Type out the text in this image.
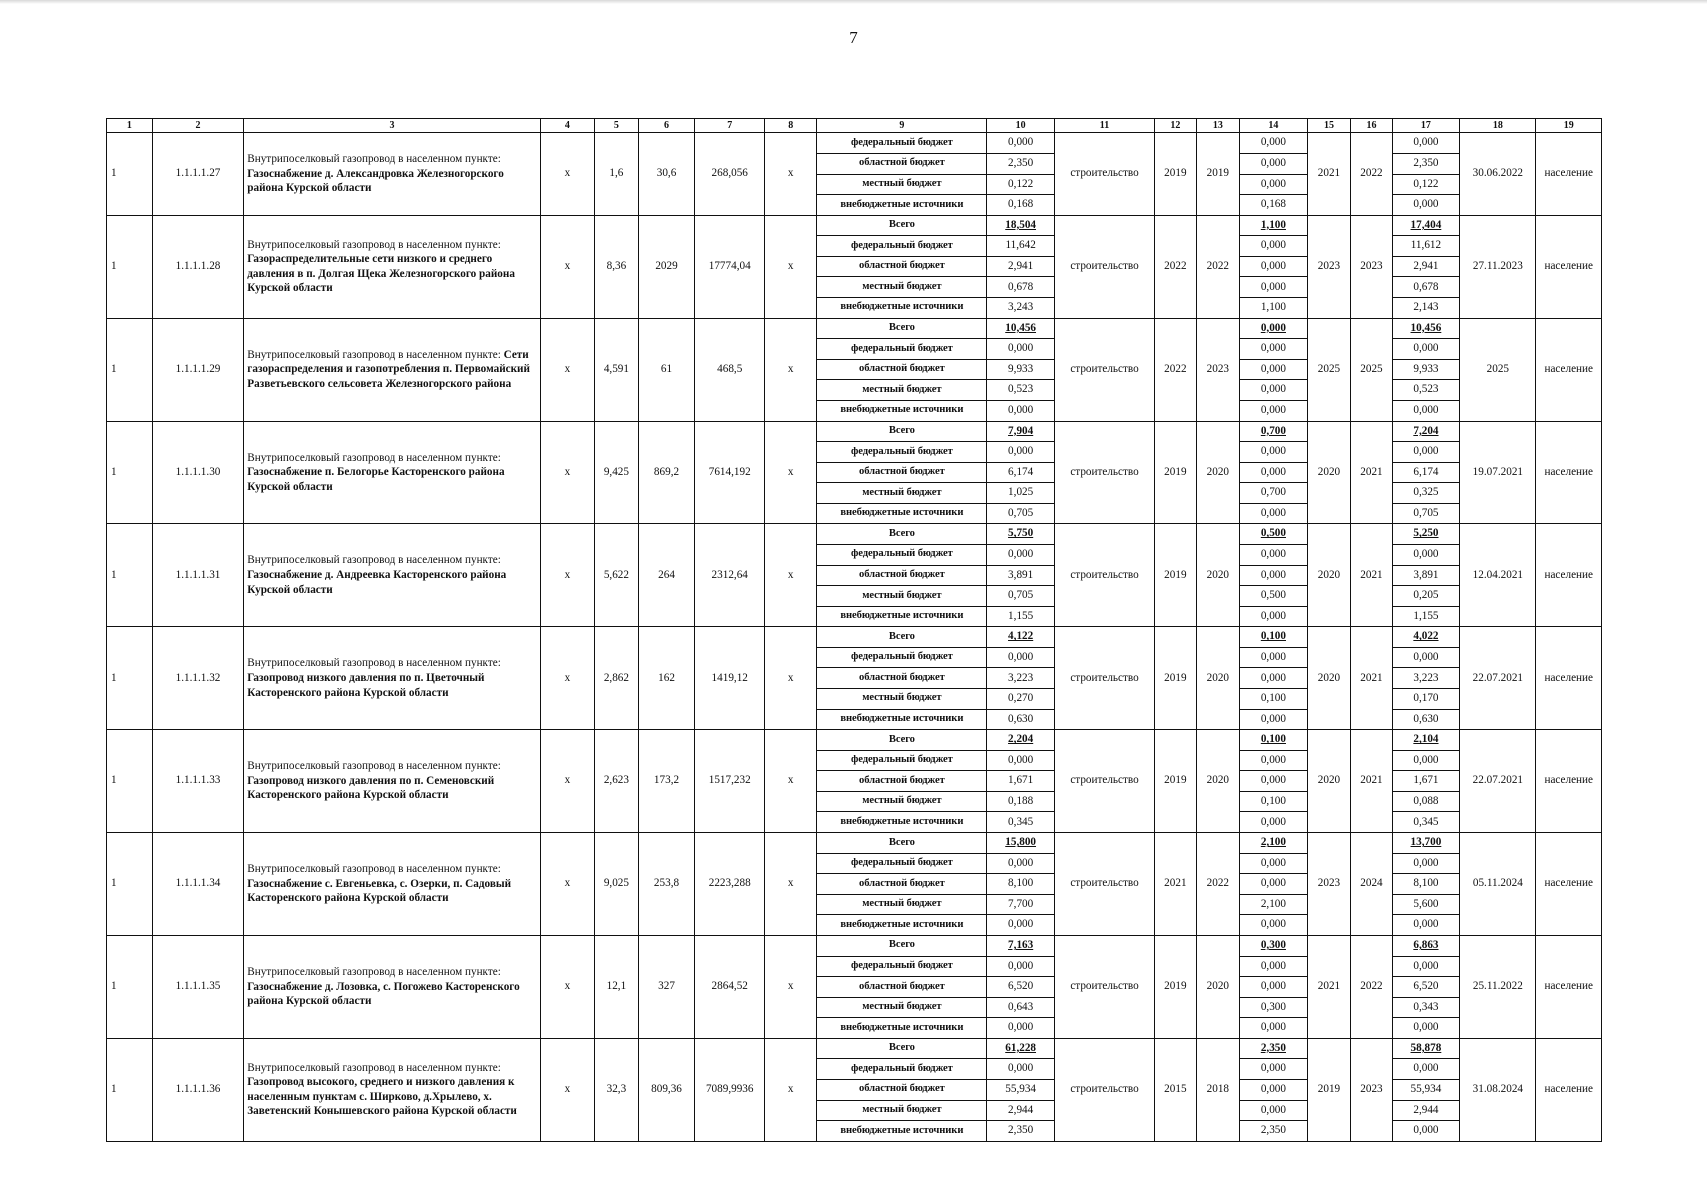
7
1	2	3	4	5	6	7	8	9	10	11	12	13	14	15	16	17	18	19
1	1.1.1.1.27	Внутрипоселковый газопровод в населенном пункте: Газоснабжение д. Александровка Железногорского района Курской области	х	1,6	30,6	268,056	х	федеральный бюджет	0,000	строительство	2019	2019	0,000	2021	2022	0,000	30.06.2022	население
								областной бюджет	2,350				0,000			2,350		
								местный бюджет	0,122				0,000			0,122		
								внебюджетные источники	0,168				0,168			0,000		
1	1.1.1.1.28	Внутрипоселковый газопровод в населенном пункте: Газораспределительные сети низкого и среднего давления в п. Долгая Щека Железногорского района Курской области	х	8,36	2029	17774,04	х	Всего	18,504	строительство	2022	2022	1,100	2023	2023	17,404	27.11.2023	население
								федеральный бюджет	11,642				0,000			11,612		
								областной бюджет	2,941				0,000			2,941		
								местный бюджет	0,678				0,000			0,678		
								внебюджетные источники	3,243				1,100			2,143		
1	1.1.1.1.29	Внутрипоселковый газопровод в населенном пункте: Сети газораспределения и газопотребления п. Первомайский Разветьевского сельсовета Железногорского района	х	4,591	61	468,5	х	Всего	10,456	строительство	2022	2023	0,000	2025	2025	10,456	2025	население
								федеральный бюджет	0,000				0,000			0,000		
								областной бюджет	9,933				0,000			9,933		
								местный бюджет	0,523				0,000			0,523		
								внебюджетные источники	0,000				0,000			0,000		
1	1.1.1.1.30	Внутрипоселковый газопровод в населенном пункте: Газоснабжение п. Белогорье Касторенского района Курской области	х	9,425	869,2	7614,192	х	Всего	7,904	строительство	2019	2020	0,700	2020	2021	7,204	19.07.2021	население
								федеральный бюджет	0,000				0,000			0,000		
								областной бюджет	6,174				0,000			6,174		
								местный бюджет	1,025				0,700			0,325		
								внебюджетные источники	0,705				0,000			0,705		
1	1.1.1.1.31	Внутрипоселковый газопровод в населенном пункте: Газоснабжение д. Андреевка Касторенского района Курской области	х	5,622	264	2312,64	х	Всего	5,750	строительство	2019	2020	0,500	2020	2021	5,250	12.04.2021	население
								федеральный бюджет	0,000				0,000			0,000		
								областной бюджет	3,891				0,000			3,891		
								местный бюджет	0,705				0,500			0,205		
								внебюджетные источники	1,155				0,000			1,155		
1	1.1.1.1.32	Внутрипоселковый газопровод в населенном пункте: Газопровод низкого давления по п. Цветочный Касторенского района Курской области	х	2,862	162	1419,12	х	Всего	4,122	строительство	2019	2020	0,100	2020	2021	4,022	22.07.2021	население
								федеральный бюджет	0,000				0,000			0,000		
								областной бюджет	3,223				0,000			3,223		
								местный бюджет	0,270				0,100			0,170		
								внебюджетные источники	0,630				0,000			0,630		
1	1.1.1.1.33	Внутрипоселковый газопровод в населенном пункте: Газопровод низкого давления по п. Семеновский Касторенского района Курской области	х	2,623	173,2	1517,232	х	Всего	2,204	строительство	2019	2020	0,100	2020	2021	2,104	22.07.2021	население
								федеральный бюджет	0,000				0,000			0,000		
								областной бюджет	1,671				0,000			1,671		
								местный бюджет	0,188				0,100			0,088		
								внебюджетные источники	0,345				0,000			0,345		
1	1.1.1.1.34	Внутрипоселковый газопровод в населенном пункте: Газоснабжение с. Евгеньевка, с. Озерки, п. Садовый Касторенского района Курской области	х	9,025	253,8	2223,288	х	Всего	15,800	строительство	2021	2022	2,100	2023	2024	13,700	05.11.2024	население
								федеральный бюджет	0,000				0,000			0,000		
								областной бюджет	8,100				0,000			8,100		
								местный бюджет	7,700				2,100			5,600		
								внебюджетные источники	0,000				0,000			0,000		
1	1.1.1.1.35	Внутрипоселковый газопровод в населенном пункте: Газоснабжение д. Лозовка, с. Погожево Касторенского района Курской области	х	12,1	327	2864,52	х	Всего	7,163	строительство	2019	2020	0,300	2021	2022	6,863	25.11.2022	население
								федеральный бюджет	0,000				0,000			0,000		
								областной бюджет	6,520				0,000			6,520		
								местный бюджет	0,643				0,300			0,343		
								внебюджетные источники	0,000				0,000			0,000		
1	1.1.1.1.36	Внутрипоселковый газопровод в населенном пункте: Газопровод высокого, среднего и низкого давления к населенным пунктам с. Ширково, д.Хрылево, х. Заветенский Конышевского района Курской области	х	32,3	809,36	7089,9936	х	Всего	61,228	строительство	2015	2018	2,350	2019	2023	58,878	31.08.2024	население
								федеральный бюджет	0,000				0,000			0,000		
								областной бюджет	55,934				0,000			55,934		
								местный бюджет	2,944				0,000			2,944		
								внебюджетные источники	2,350				2,350			0,000		
